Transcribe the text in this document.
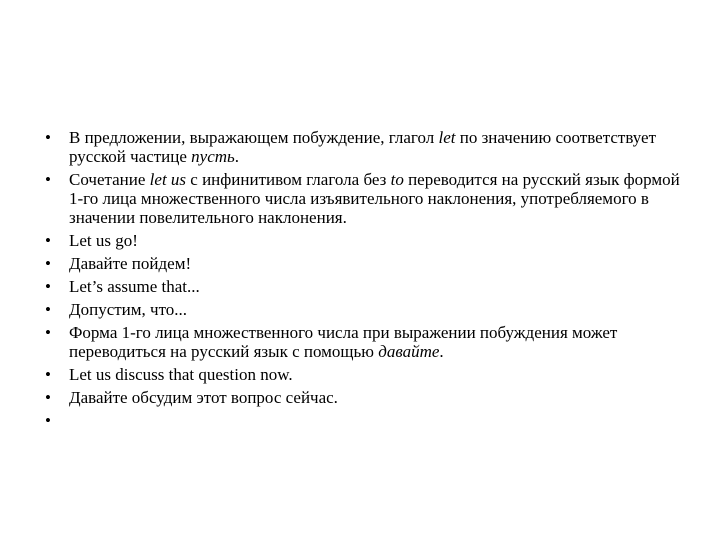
• В предложении, выражающем побуждение, глагол let по значению соответствует русской частице пусть.
• Сочетание let us с инфинитивом глагола без to переводится на русский язык формой 1-го лица множественного числа изъявительного наклонения, употребляемого в значении повелительного наклонения.
• Let us go!
• Давайте пойдем!
• Let’s assume that...
• Допустим, что...
• Форма 1-го лица множественного числа при выражении побуждения может переводиться на русский язык с помощью давайте.
• Let us discuss that question now.
• Давайте обсудим этот вопрос сейчас.
•
